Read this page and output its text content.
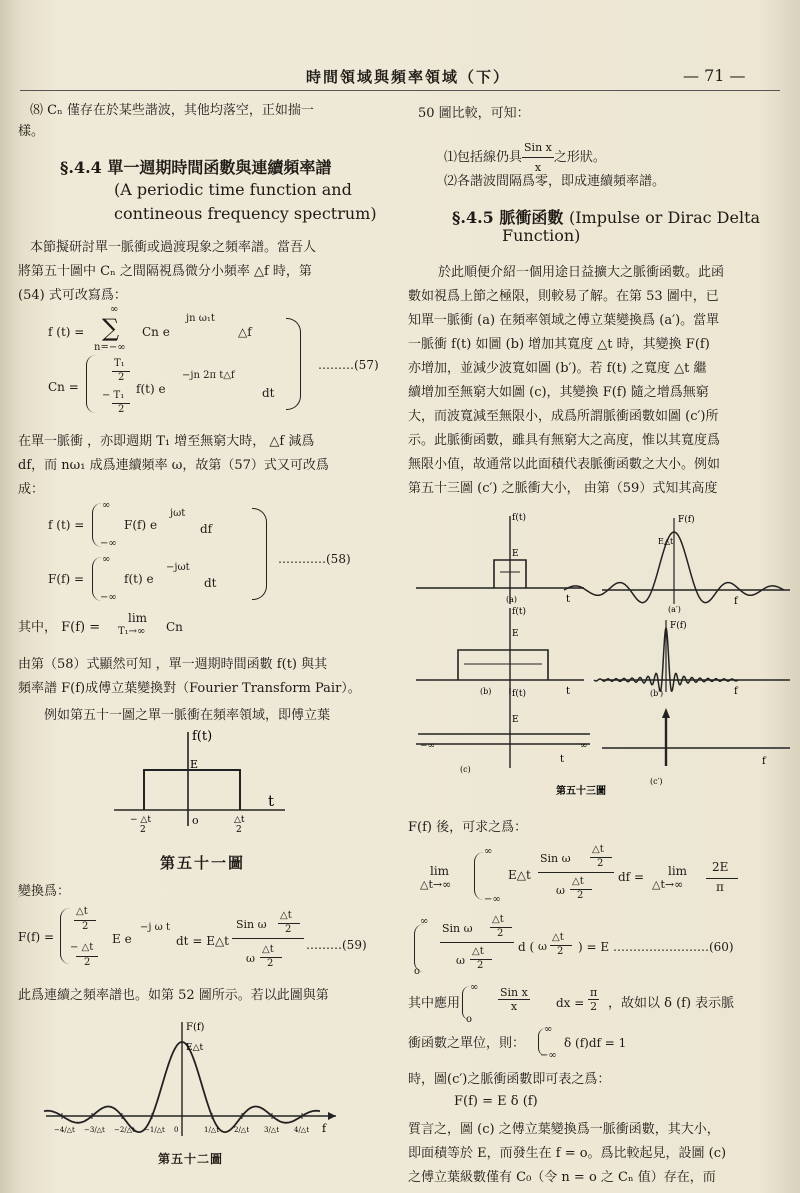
時間領域與頻率領域（下）	— 71 —
⑻ Cₙ 僅存在於某些諧波，其他均落空，正如揣一
樣。
§.4.4 單一週期時間函數與連續頻率譜
(A periodic time function and
contineous frequency spectrum)
本節擬研討單一脈衝或過渡現象之頻率譜。當吾人
將第五十圖中 Cₙ 之間隔視爲微分小頻率 △f 時，第
(54) 式可改寫爲：
f (t) =
∞
∑
n=−∞
Cn e
jn ω₁t
△f
Cn =
T₁
2
− T₁
2
f(t) e
−jn 2π t△f
dt
………(57)
在單一脈衝 ，亦即週期 T₁ 增至無窮大時， △f 減爲
df，而 nω₁ 成爲連續頻率 ω，故第（57）式又可改爲
成：
f (t) =
∞
−∞
F(f) e
jωt
df
F(f) =
∞
−∞
f(t) e
−jωt
dt
…………(58)
其中， F(f) =
lim
T₁→∞ Cn
由第（58）式顯然可知 ，單一週期時間函數 f(t) 與其
頻率譜 F(f)成傅立葉變換對（Fourier Transform Pair）。
例如第五十一圖之單一脈衝在頻率領域，即傅立葉
f(t)
E
t
o
− △t
2
△t
2
第五十一圖
變換爲：
F(f) =
△t
2
− △t
2
E e
−j ω t
dt = E△t
Sin ω
△t
2
ω
△t
2
………(59)
此爲連續之頻率譜也。如第 52 圖所示。若以此圖與第
F(f)
E△t
f
−4/△t −3/△t −2/△t −1/△t 0	1/△t 2/△t 3/△t 4/△t
第五十二圖
50 圖比較，可知：
⑴包括線仍具 $\frac{\text{Sin x}}{x}$ 之形狀。
⑵各諧波間隔爲零，即成連續頻率譜。
§.4.5 脈衝函數 (Impulse or Dirac Delta
Function)
於此順便介紹一個用途日益擴大之脈衝函數。此函
數如視爲上節之極限，則較易了解。在第 53 圖中，已
知單一脈衝 (a) 在頻率領域之傅立葉變換爲 (a′)。當單
一脈衝 f(t) 如圖 (b) 增加其寬度 △t 時，其變換 F(f)
亦增加，並減少波寬如圖 (b′)。若 f(t) 之寬度 △t 繼
續增加至無窮大如圖 (c)，其變換 F(f) 隨之增爲無窮
大，而波寬減至無限小，成爲所謂脈衝函數如圖 (c′)所
示。此脈衝函數，雖具有無窮大之高度，惟以其寬度爲
無限小值，故通常以此面積代表脈衝函數之大小。例如
第五十三圖 (c′) 之脈衝大小， 由第（59）式知其高度
f(t)
E
t
(a)
F(f)
E△t
f
(a′)
f(t)
E
t
(b)
F(f)
f
(b′)
f(t)
E
−∞	∞
t
(c)
f
(c′)
第五十三圖
F(f) 後，可求之爲：
lim
△t→∞
∞
−∞
E△t
Sin ω
△t
2
ω
△t
2
df = lim
△t→∞
2E
π
∞
o
Sin ω
△t
2
ω
△t
2
d ( ω
△t
2 ) = E ……………………(60)
其中應用
∞
o
$\frac{\text{Sin x}}{x}$ dx = $\frac{\pi}{2}$ ，故如以 δ (f) 表示脈
衝函數之單位，則：
∞
−∞
δ (f)df = 1
時，圖(c′)之脈衝函數即可表之爲：
F(f) = E δ (f)
質言之，圖 (c) 之傅立葉變換爲一脈衝函數，其大小，
即面積等於 E，而發生在 f = o。爲比較起見，設圖 (c)
之傅立葉級數僅有 C₀（令 n = o 之 Cₙ 值）存在，而
